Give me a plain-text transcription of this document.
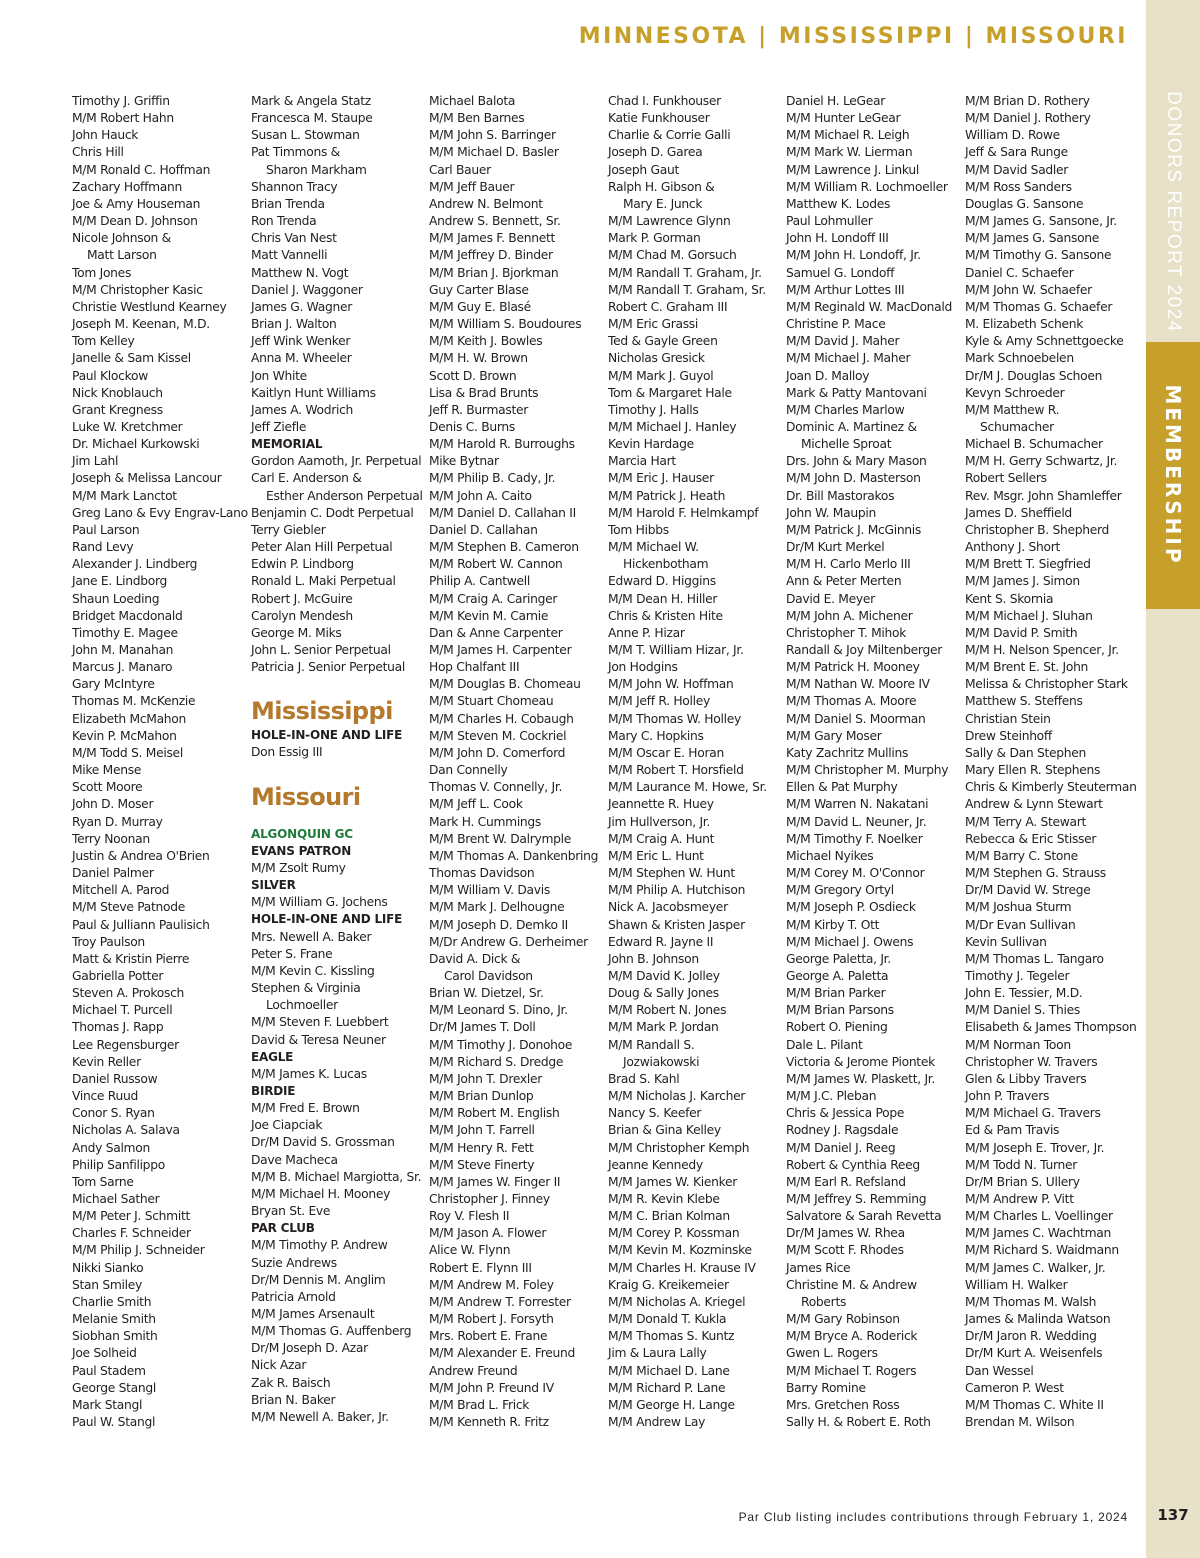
MINNESOTA | MISSISSIPPI | MISSOURI
DONORS REPORT 2024
MEMBERSHIP
Timothy J. Griffin
M/M Robert Hahn
John Hauck
Chris Hill
M/M Ronald C. Hoffman
Zachary Hoffmann
Joe & Amy Houseman
M/M Dean D. Johnson
Nicole Johnson &
Matt Larson
Tom Jones
M/M Christopher Kasic
Christie Westlund Kearney
Joseph M. Keenan, M.D.
Tom Kelley
Janelle & Sam Kissel
Paul Klockow
Nick Knoblauch
Grant Kregness
Luke W. Kretchmer
Dr. Michael Kurkowski
Jim Lahl
Joseph & Melissa Lancour
M/M Mark Lanctot
Greg Lano & Evy Engrav-Lano
Paul Larson
Rand Levy
Alexander J. Lindberg
Jane E. Lindborg
Shaun Loeding
Bridget Macdonald
Timothy E. Magee
John M. Manahan
Marcus J. Manaro
Gary McIntyre
Thomas M. McKenzie
Elizabeth McMahon
Kevin P. McMahon
M/M Todd S. Meisel
Mike Mense
Scott Moore
John D. Moser
Ryan D. Murray
Terry Noonan
Justin & Andrea O'Brien
Daniel Palmer
Mitchell A. Parod
M/M Steve Patnode
Paul & Julliann Paulisich
Troy Paulson
Matt & Kristin Pierre
Gabriella Potter
Steven A. Prokosch
Michael T. Purcell
Thomas J. Rapp
Lee Regensburger
Kevin Reller
Daniel Russow
Vince Ruud
Conor S. Ryan
Nicholas A. Salava
Andy Salmon
Philip Sanfilippo
Tom Sarne
Michael Sather
M/M Peter J. Schmitt
Charles F. Schneider
M/M Philip J. Schneider
Nikki Sianko
Stan Smiley
Charlie Smith
Melanie Smith
Siobhan Smith
Joe Solheid
Paul Stadem
George Stangl
Mark Stangl
Paul W. Stangl
Mark & Angela Statz
Francesca M. Staupe
Susan L. Stowman
Pat Timmons &
Sharon Markham
Shannon Tracy
Brian Trenda
Ron Trenda
Chris Van Nest
Matt Vannelli
Matthew N. Vogt
Daniel J. Waggoner
James G. Wagner
Brian J. Walton
Jeff Wink Wenker
Anna M. Wheeler
Jon White
Kaitlyn Hunt Williams
James A. Wodrich
Jeff Ziefle
MEMORIAL
Gordon Aamoth, Jr. Perpetual
Carl E. Anderson &
Esther Anderson Perpetual
Benjamin C. Dodt Perpetual
Terry Giebler
Peter Alan Hill Perpetual
Edwin P. Lindborg
Ronald L. Maki Perpetual
Robert J. McGuire
Carolyn Mendesh
George M. Miks
John L. Senior Perpetual
Patricia J. Senior Perpetual
Mississippi
HOLE-IN-ONE AND LIFE
Don Essig III
Missouri
ALGONQUIN GC
EVANS PATRON
M/M Zsolt Rumy
SILVER
M/M William G. Jochens
HOLE-IN-ONE AND LIFE
Mrs. Newell A. Baker
Peter S. Frane
M/M Kevin C. Kissling
Stephen & Virginia
Lochmoeller
M/M Steven F. Luebbert
David & Teresa Neuner
EAGLE
M/M James K. Lucas
BIRDIE
M/M Fred E. Brown
Joe Ciapciak
Dr/M David S. Grossman
Dave Macheca
M/M B. Michael Margiotta, Sr.
M/M Michael H. Mooney
Bryan St. Eve
PAR CLUB
M/M Timothy P. Andrew
Suzie Andrews
Dr/M Dennis M. Anglim
Patricia Arnold
M/M James Arsenault
M/M Thomas G. Auffenberg
Dr/M Joseph D. Azar
Nick Azar
Zak R. Baisch
Brian N. Baker
M/M Newell A. Baker, Jr.
Michael Balota
M/M Ben Barnes
M/M John S. Barringer
M/M Michael D. Basler
Carl Bauer
M/M Jeff Bauer
Andrew N. Belmont
Andrew S. Bennett, Sr.
M/M James F. Bennett
M/M Jeffrey D. Binder
M/M Brian J. Bjorkman
Guy Carter Blase
M/M Guy E. Blasé
M/M William S. Boudoures
M/M Keith J. Bowles
M/M H. W. Brown
Scott D. Brown
Lisa & Brad Brunts
Jeff R. Burmaster
Denis C. Burns
M/M Harold R. Burroughs
Mike Bytnar
M/M Philip B. Cady, Jr.
M/M John A. Caito
M/M Daniel D. Callahan II
Daniel D. Callahan
M/M Stephen B. Cameron
M/M Robert W. Cannon
Philip A. Cantwell
M/M Craig A. Caringer
M/M Kevin M. Carnie
Dan & Anne Carpenter
M/M James H. Carpenter
Hop Chalfant III
M/M Douglas B. Chomeau
M/M Stuart Chomeau
M/M Charles H. Cobaugh
M/M Steven M. Cockriel
M/M John D. Comerford
Dan Connelly
Thomas V. Connelly, Jr.
M/M Jeff L. Cook
Mark H. Cummings
M/M Brent W. Dalrymple
M/M Thomas A. Dankenbring
Thomas Davidson
M/M William V. Davis
M/M Mark J. Delhougne
M/M Joseph D. Demko II
M/Dr Andrew G. Derheimer
David A. Dick &
Carol Davidson
Brian W. Dietzel, Sr.
M/M Leonard S. Dino, Jr.
Dr/M James T. Doll
M/M Timothy J. Donohoe
M/M Richard S. Dredge
M/M John T. Drexler
M/M Brian Dunlop
M/M Robert M. English
M/M John T. Farrell
M/M Henry R. Fett
M/M Steve Finerty
M/M James W. Finger II
Christopher J. Finney
Roy V. Flesh II
M/M Jason A. Flower
Alice W. Flynn
Robert E. Flynn III
M/M Andrew M. Foley
M/M Andrew T. Forrester
M/M Robert J. Forsyth
Mrs. Robert E. Frane
M/M Alexander E. Freund
Andrew Freund
M/M John P. Freund IV
M/M Brad L. Frick
M/M Kenneth R. Fritz
Chad I. Funkhouser
Katie Funkhouser
Charlie & Corrie Galli
Joseph D. Garea
Joseph Gaut
Ralph H. Gibson &
Mary E. Junck
M/M Lawrence Glynn
Mark P. Gorman
M/M Chad M. Gorsuch
M/M Randall T. Graham, Jr.
M/M Randall T. Graham, Sr.
Robert C. Graham III
M/M Eric Grassi
Ted & Gayle Green
Nicholas Gresick
M/M Mark J. Guyol
Tom & Margaret Hale
Timothy J. Halls
M/M Michael J. Hanley
Kevin Hardage
Marcia Hart
M/M Eric J. Hauser
M/M Patrick J. Heath
M/M Harold F. Helmkampf
Tom Hibbs
M/M Michael W.
Hickenbotham
Edward D. Higgins
M/M Dean H. Hiller
Chris & Kristen Hite
Anne P. Hizar
M/M T. William Hizar, Jr.
Jon Hodgins
M/M John W. Hoffman
M/M Jeff R. Holley
M/M Thomas W. Holley
Mary C. Hopkins
M/M Oscar E. Horan
M/M Robert T. Horsfield
M/M Laurance M. Howe, Sr.
Jeannette R. Huey
Jim Hullverson, Jr.
M/M Craig A. Hunt
M/M Eric L. Hunt
M/M Stephen W. Hunt
M/M Philip A. Hutchison
Nick A. Jacobsmeyer
Shawn & Kristen Jasper
Edward R. Jayne II
John B. Johnson
M/M David K. Jolley
Doug & Sally Jones
M/M Robert N. Jones
M/M Mark P. Jordan
M/M Randall S.
Jozwiakowski
Brad S. Kahl
M/M Nicholas J. Karcher
Nancy S. Keefer
Brian & Gina Kelley
M/M Christopher Kemph
Jeanne Kennedy
M/M James W. Kienker
M/M R. Kevin Klebe
M/M C. Brian Kolman
M/M Corey P. Kossman
M/M Kevin M. Kozminske
M/M Charles H. Krause IV
Kraig G. Kreikemeier
M/M Nicholas A. Kriegel
M/M Donald T. Kukla
M/M Thomas S. Kuntz
Jim & Laura Lally
M/M Michael D. Lane
M/M Richard P. Lane
M/M George H. Lange
M/M Andrew Lay
Daniel H. LeGear
M/M Hunter LeGear
M/M Michael R. Leigh
M/M Mark W. Lierman
M/M Lawrence J. Linkul
M/M William R. Lochmoeller
Matthew K. Lodes
Paul Lohmuller
John H. Londoff III
M/M John H. Londoff, Jr.
Samuel G. Londoff
M/M Arthur Lottes III
M/M Reginald W. MacDonald
Christine P. Mace
M/M David J. Maher
M/M Michael J. Maher
Joan D. Malloy
Mark & Patty Mantovani
M/M Charles Marlow
Dominic A. Martinez &
Michelle Sproat
Drs. John & Mary Mason
M/M John D. Masterson
Dr. Bill Mastorakos
John W. Maupin
M/M Patrick J. McGinnis
Dr/M Kurt Merkel
M/M H. Carlo Merlo III
Ann & Peter Merten
David E. Meyer
M/M John A. Michener
Christopher T. Mihok
Randall & Joy Miltenberger
M/M Patrick H. Mooney
M/M Nathan W. Moore IV
M/M Thomas A. Moore
M/M Daniel S. Moorman
M/M Gary Moser
Katy Zachritz Mullins
M/M Christopher M. Murphy
Ellen & Pat Murphy
M/M Warren N. Nakatani
M/M David L. Neuner, Jr.
M/M Timothy F. Noelker
Michael Nyikes
M/M Corey M. O'Connor
M/M Gregory Ortyl
M/M Joseph P. Osdieck
M/M Kirby T. Ott
M/M Michael J. Owens
George Paletta, Jr.
George A. Paletta
M/M Brian Parker
M/M Brian Parsons
Robert O. Piening
Dale L. Pilant
Victoria & Jerome Piontek
M/M James W. Plaskett, Jr.
M/M J.C. Pleban
Chris & Jessica Pope
Rodney J. Ragsdale
M/M Daniel J. Reeg
Robert & Cynthia Reeg
M/M Earl R. Refsland
M/M Jeffrey S. Remming
Salvatore & Sarah Revetta
Dr/M James W. Rhea
M/M Scott F. Rhodes
James Rice
Christine M. & Andrew
Roberts
M/M Gary Robinson
M/M Bryce A. Roderick
Gwen L. Rogers
M/M Michael T. Rogers
Barry Romine
Mrs. Gretchen Ross
Sally H. & Robert E. Roth
M/M Brian D. Rothery
M/M Daniel J. Rothery
William D. Rowe
Jeff & Sara Runge
M/M David Sadler
M/M Ross Sanders
Douglas G. Sansone
M/M James G. Sansone, Jr.
M/M James G. Sansone
M/M Timothy G. Sansone
Daniel C. Schaefer
M/M John W. Schaefer
M/M Thomas G. Schaefer
M. Elizabeth Schenk
Kyle & Amy Schnettgoecke
Mark Schnoebelen
Dr/M J. Douglas Schoen
Kevyn Schroeder
M/M Matthew R.
Schumacher
Michael B. Schumacher
M/M H. Gerry Schwartz, Jr.
Robert Sellers
Rev. Msgr. John Shamleffer
James D. Sheffield
Christopher B. Shepherd
Anthony J. Short
M/M Brett T. Siegfried
M/M James J. Simon
Kent S. Skornia
M/M Michael J. Sluhan
M/M David P. Smith
M/M H. Nelson Spencer, Jr.
M/M Brent E. St. John
Melissa & Christopher Stark
Matthew S. Steffens
Christian Stein
Drew Steinhoff
Sally & Dan Stephen
Mary Ellen R. Stephens
Chris & Kimberly Steuterman
Andrew & Lynn Stewart
M/M Terry A. Stewart
Rebecca & Eric Stisser
M/M Barry C. Stone
M/M Stephen G. Strauss
Dr/M David W. Strege
M/M Joshua Sturm
M/Dr Evan Sullivan
Kevin Sullivan
M/M Thomas L. Tangaro
Timothy J. Tegeler
John E. Tessier, M.D.
M/M Daniel S. Thies
Elisabeth & James Thompson
M/M Norman Toon
Christopher W. Travers
Glen & Libby Travers
John P. Travers
M/M Michael G. Travers
Ed & Pam Travis
M/M Joseph E. Trover, Jr.
M/M Todd N. Turner
Dr/M Brian S. Ullery
M/M Andrew P. Vitt
M/M Charles L. Voellinger
M/M James C. Wachtman
M/M Richard S. Waidmann
M/M James C. Walker, Jr.
William H. Walker
M/M Thomas M. Walsh
James & Malinda Watson
Dr/M Jaron R. Wedding
Dr/M Kurt A. Weisenfels
Dan Wessel
Cameron P. West
M/M Thomas C. White II
Brendan M. Wilson
Par Club listing includes contributions through February 1, 2024	137
